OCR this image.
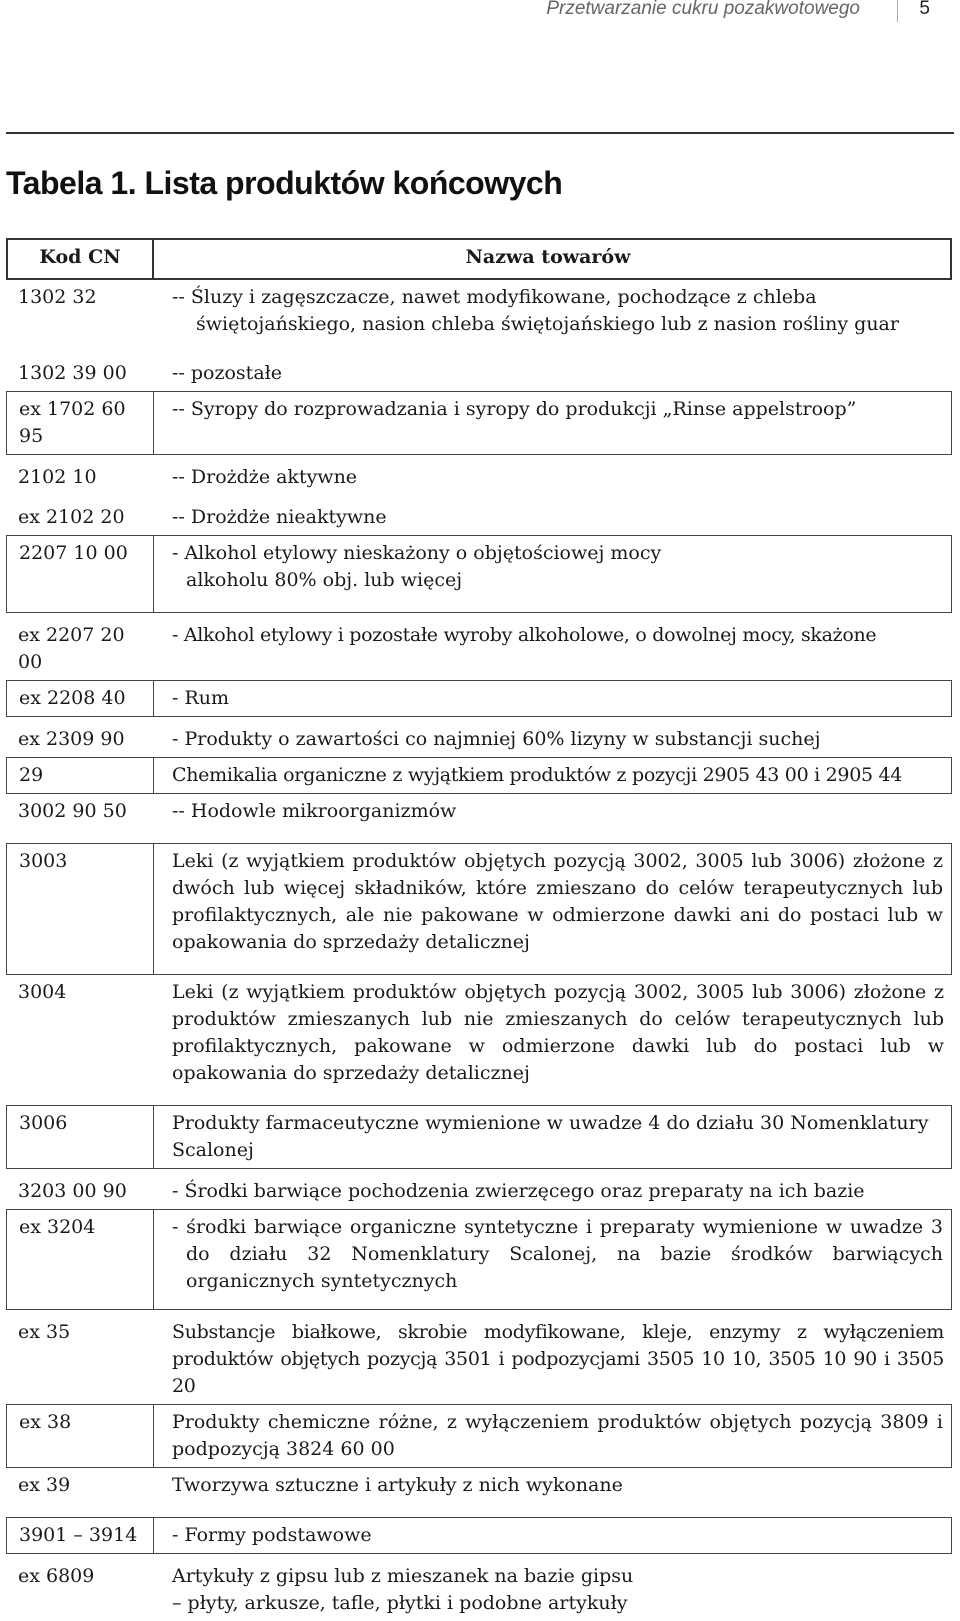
Przetwarzanie cukru pozakwotowego	5
Tabela 1. Lista produktów końcowych
Kod CN	Nazwa towarów
1302 32	-- Śluzy i zagęszczacze, nawet modyfikowane, pochodzące z chleba świętojańskiego, nasion chleba świętojańskiego lub z nasion rośliny guar

1302 39 00	-- pozostałe
ex 1702 60 95	-- Syropy do rozprowadzania i syropy do produkcji „Rinse appelstroop”
2102 10	-- Drożdże aktywne
ex 2102 20	-- Drożdże nieaktywne
2207 10 00	- Alkohol etylowy nieskażony o objętościowej mocy alkoholu 80% obj. lub więcej

ex 2207 20 00	- Alkohol etylowy i pozostałe wyroby alkoholowe, o dowolnej mocy, skażone
ex 2208 40	- Rum
ex 2309 90	- Produkty o zawartości co najmniej 60% lizyny w substancji suchej
29	Chemikalia organiczne z wyjątkiem produktów z pozycji 2905 43 00 i 2905 44
3002 90 50	-- Hodowle mikroorganizmów

3003	Leki (z wyjątkiem produktów objętych pozycją 3002, 3005 lub 3006) złożone z dwóch lub więcej składników, które zmieszano do celów terapeutycznych lub profilaktycznych, ale nie pakowane w odmierzone dawki ani do postaci lub w opakowania do sprzedaży detalicznej

3004	Leki (z wyjątkiem produktów objętych pozycją 3002, 3005 lub 3006) złożone z produktów zmieszanych lub nie zmieszanych do celów terapeutycznych lub profilaktycznych, pakowane w odmierzone dawki lub do postaci lub w opakowania do sprzedaży detalicznej

3006	Produkty farmaceutyczne wymienione w uwadze 4 do działu 30 Nomenklatury Scalonej
3203 00 90	- Środki barwiące pochodzenia zwierzęcego oraz preparaty na ich bazie
ex 3204	- środki barwiące organiczne syntetyczne i preparaty wymienione w uwadze 3 do działu 32 Nomenklatury Scalonej, na bazie środków barwiących organicznych syntetycznych

ex 35	Substancje białkowe, skrobie modyfikowane, kleje, enzymy z wyłączeniem produktów objętych pozycją 3501 i podpozycjami 3505 10 10, 3505 10 90 i 3505 20
ex 38	Produkty chemiczne różne, z wyłączeniem produktów objętych pozycją 3809 i podpozycją 3824 60 00
ex 39	Tworzywa sztuczne i artykuły z nich wykonane

3901 – 3914	- Formy podstawowe
ex 6809	Artykuły z gipsu lub z mieszanek na bazie gipsu
– płyty, arkusze, tafle, płytki i podobne artykuły
